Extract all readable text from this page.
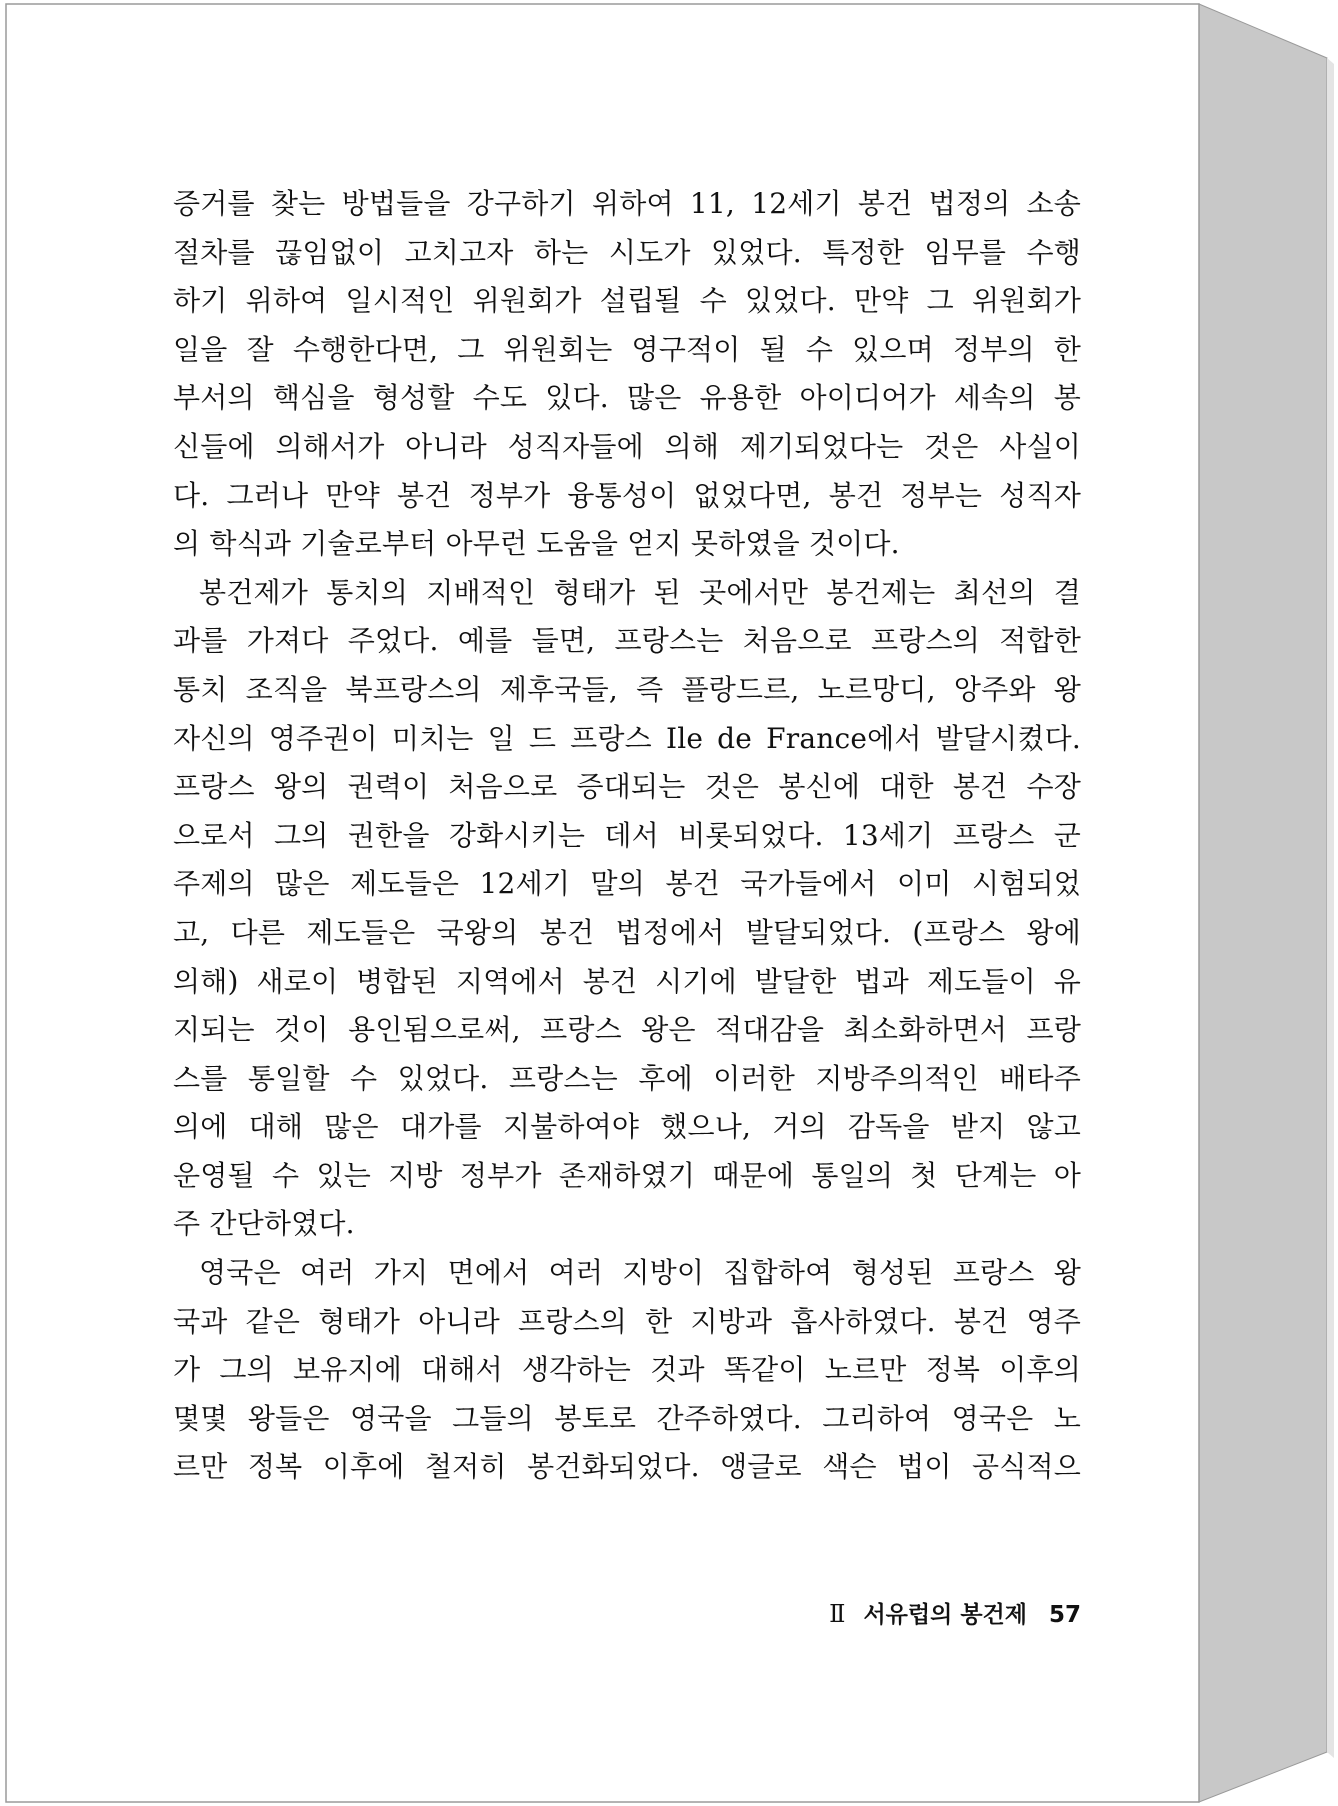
증거를 찾는 방법들을 강구하기 위하여 11, 12세기 봉건 법정의 소송
절차를 끊임없이 고치고자 하는 시도가 있었다. 특정한 임무를 수행
하기 위하여 일시적인 위원회가 설립될 수 있었다. 만약 그 위원회가
일을 잘 수행한다면, 그 위원회는 영구적이 될 수 있으며 정부의 한
부서의 핵심을 형성할 수도 있다. 많은 유용한 아이디어가 세속의 봉
신들에 의해서가 아니라 성직자들에 의해 제기되었다는 것은 사실이
다. 그러나 만약 봉건 정부가 융통성이 없었다면, 봉건 정부는 성직자
의 학식과 기술로부터 아무런 도움을 얻지 못하였을 것이다.
봉건제가 통치의 지배적인 형태가 된 곳에서만 봉건제는 최선의 결
과를 가져다 주었다. 예를 들면, 프랑스는 처음으로 프랑스의 적합한
통치 조직을 북프랑스의 제후국들, 즉 플랑드르, 노르망디, 앙주와 왕
자신의 영주권이 미치는 일 드 프랑스 Ile de France에서 발달시켰다.
프랑스 왕의 권력이 처음으로 증대되는 것은 봉신에 대한 봉건 수장
으로서 그의 권한을 강화시키는 데서 비롯되었다. 13세기 프랑스 군
주제의 많은 제도들은 12세기 말의 봉건 국가들에서 이미 시험되었
고, 다른 제도들은 국왕의 봉건 법정에서 발달되었다. (프랑스 왕에
의해) 새로이 병합된 지역에서 봉건 시기에 발달한 법과 제도들이 유
지되는 것이 용인됨으로써, 프랑스 왕은 적대감을 최소화하면서 프랑
스를 통일할 수 있었다. 프랑스는 후에 이러한 지방주의적인 배타주
의에 대해 많은 대가를 지불하여야 했으나, 거의 감독을 받지 않고
운영될 수 있는 지방 정부가 존재하였기 때문에 통일의 첫 단계는 아
주 간단하였다.
영국은 여러 가지 면에서 여러 지방이 집합하여 형성된 프랑스 왕
국과 같은 형태가 아니라 프랑스의 한 지방과 흡사하였다. 봉건 영주
가 그의 보유지에 대해서 생각하는 것과 똑같이 노르만 정복 이후의
몇몇 왕들은 영국을 그들의 봉토로 간주하였다. 그리하여 영국은 노
르만 정복 이후에 철저히 봉건화되었다. 앵글로 색슨 법이 공식적으
Ⅱ 서유럽의 봉건제 57
